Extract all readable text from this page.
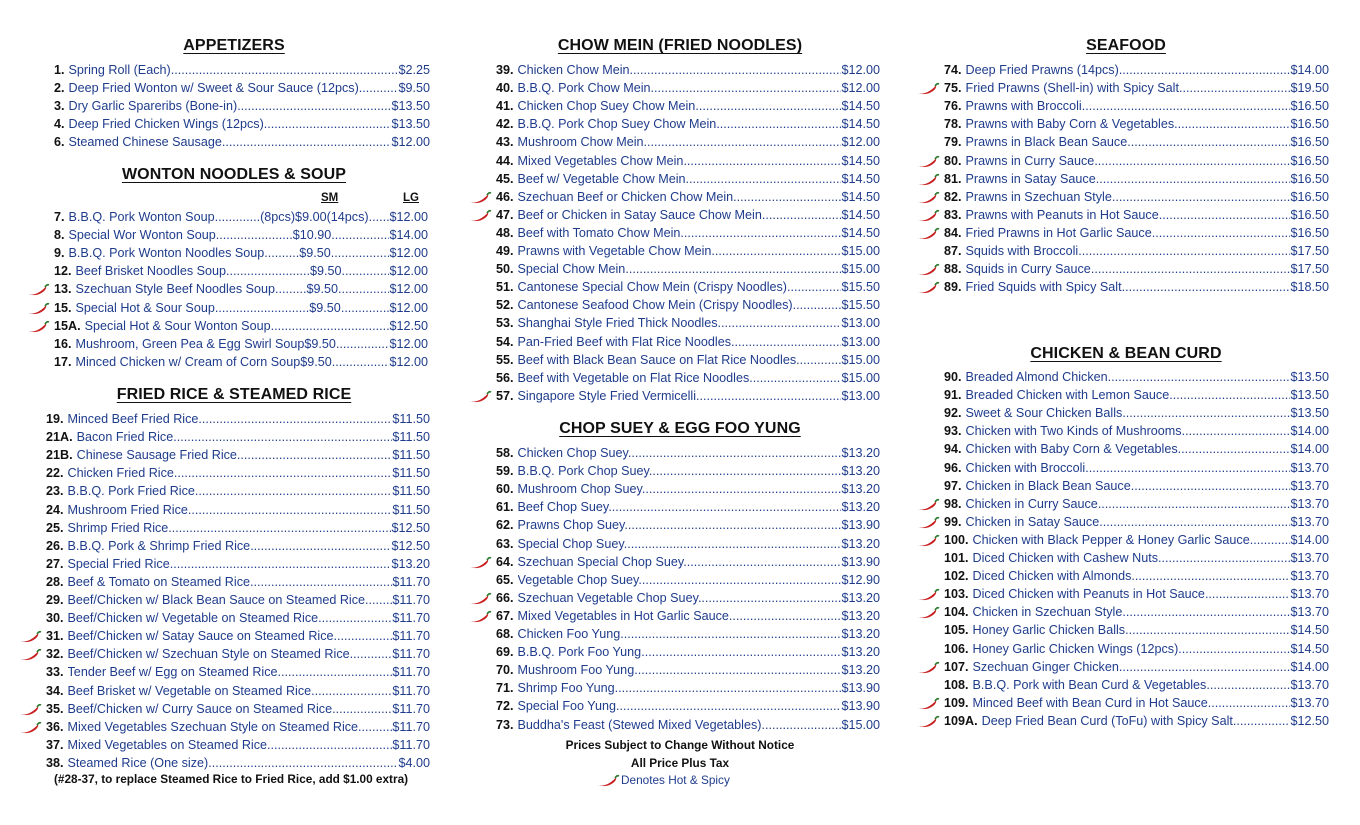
APPETIZERS
WONTON NOODLES & SOUP
SM	LG
FRIED RICE & STEAMED RICE
(#28-37, to replace Steamed Rice to Fried Rice, add $1.00 extra)
1. Spring Roll (Each) .....	$2.25
2. Deep Fried Wonton w/ Sweet & Sour Sauce (12pcs) .....	$9.50
3. Dry Garlic Spareribs (Bone-in) .....	$13.50
4. Deep Fried Chicken Wings (12pcs) .....	$13.50
6. Steamed Chinese Sausage .....	$12.00
7. B.B.Q. Pork Wonton Soup.............(8pcs)$9.00(14pcs) .....	$12.00
8. Special Wor Wonton Soup......................$10.90............ .....	$14.00
9. B.B.Q. Pork Wonton Noodles Soup..........$9.50............ .....	$12.00
12. Beef Brisket Noodles Soup........................$9.50............ ..... $12.00
13. Szechuan Style Beef Noodles Soup.........$9.50............ ..... $12.00
15. Special Hot & Sour Soup...........................$9.50............ ..... $12.00
15A. Special Hot & Sour Wonton Soup .....	$12.50
16. Mushroom, Green Pea & Egg Swirl Soup$9.50........... .....	$12.00
17. Minced Chicken w/ Cream of Corn Soup$9.50........... .....	$12.00
19. Minced Beef Fried Rice .....	$11.50
21A. Bacon Fried Rice .....	$11.50
21B. Chinese Sausage Fried Rice .....	$11.50
22. Chicken Fried Rice .....	$11.50
23. B.B.Q. Pork Fried Rice .....	$11.50
24. Mushroom Fried Rice .....	$11.50
25. Shrimp Fried Rice .....	$12.50
26. B.B.Q. Pork & Shrimp Fried Rice .....	$12.50
27. Special Fried Rice .....	$13.20
28. Beef & Tomato on Steamed Rice .....	$11.70
29. Beef/Chicken w/ Black Bean Sauce on Steamed Rice. .....	$11.70
30. Beef/Chicken w/ Vegetable on Steamed Rice .....	$11.70
31. Beef/Chicken w/ Satay Sauce on Steamed Rice .....	$11.70
32. Beef/Chicken w/ Szechuan Style on Steamed Rice .....	$11.70
33. Tender Beef w/ Egg on Steamed Rice .....	$11.70
34. Beef Brisket w/ Vegetable on Steamed Rice .....	$11.70
35. Beef/Chicken w/ Curry Sauce on Steamed Rice .....	$11.70
36. Mixed Vegetables Szechuan Style on Steamed Rice .....	$11.70
37. Mixed Vegetables on Steamed Rice .....	$11.70
38. Steamed Rice (One size) .....	$4.00
CHOW MEIN (FRIED NOODLES)
CHOP SUEY & EGG FOO YUNG
Prices Subject to Change Without Notice
All Price Plus Tax
Denotes Hot & Spicy
39. Chicken Chow Mein .....	$12.00
40. B.B.Q. Pork Chow Mein .....	$12.00
41. Chicken Chop Suey Chow Mein .....	$14.50
42. B.B.Q. Pork Chop Suey Chow Mein .....	$14.50
43. Mushroom Chow Mein .....	$12.00
44. Mixed Vegetables Chow Mein .....	$14.50
45. Beef w/ Vegetable Chow Mein .....	$14.50
46. Szechuan Beef or Chicken Chow Mein .....	$14.50
47. Beef or Chicken in Satay Sauce Chow Mein .....	$14.50
48. Beef with Tomato Chow Mein .....	$14.50
49. Prawns with Vegetable Chow Mein .....	$15.00
50. Special Chow Mein .....	$15.00
51. Cantonese Special Chow Mein (Crispy Noodles) .....	$15.50
52. Cantonese Seafood Chow Mein (Crispy Noodles) .....	$15.50
53. Shanghai Style Fried Thick Noodles .....	$13.00
54. Pan-Fried Beef with Flat Rice Noodles .....	$13.00
55. Beef with Black Bean Sauce on Flat Rice Noodles .....	$15.00
56. Beef with Vegetable on Flat Rice Noodles .....	$15.00
57. Singapore Style Fried Vermicelli .....	$13.00
58. Chicken Chop Suey .....	$13.20
59. B.B.Q. Pork Chop Suey .....	$13.20
60. Mushroom Chop Suey .....	$13.20
61. Beef Chop Suey .....	$13.20
62. Prawns Chop Suey .....	$13.90
63. Special Chop Suey .....	$13.20
64. Szechuan Special Chop Suey .....	$13.90
65. Vegetable Chop Suey .....	$12.90
66. Szechuan Vegetable Chop Suey .....	$13.20
67. Mixed Vegetables in Hot Garlic Sauce .....	$13.20
68. Chicken Foo Yung .....	$13.20
69. B.B.Q. Pork Foo Yung .....	$13.20
70. Mushroom Foo Yung .....	$13.20
71. Shrimp Foo Yung .....	$13.90
72. Special Foo Yung .....	$13.90
73. Buddha's Feast (Stewed Mixed Vegetables) .....	$15.00
SEAFOOD
CHICKEN & BEAN CURD
74. Deep Fried Prawns (14pcs) .....	$14.00
75. Fried Prawns (Shell-in) with Spicy Salt .....	$19.50
76. Prawns with Broccoli .....	$16.50
78. Prawns with Baby Corn & Vegetables .....	$16.50
79. Prawns in Black Bean Sauce .....	$16.50
80. Prawns in Curry Sauce .....	$16.50
81. Prawns in Satay Sauce .....	$16.50
82. Prawns in Szechuan Style .....	$16.50
83. Prawns with Peanuts in Hot Sauce .....	$16.50
84. Fried Prawns in Hot Garlic Sauce .....	$16.50
87. Squids with Broccoli .....	$17.50
88. Squids in Curry Sauce .....	$17.50
89. Fried Squids with Spicy Salt .....	$18.50
90. Breaded Almond Chicken .....	$13.50
91. Breaded Chicken with Lemon Sauce .....	$13.50
92. Sweet & Sour Chicken Balls .....	$13.50
93. Chicken with Two Kinds of Mushrooms .....	$14.00
94. Chicken with Baby Corn & Vegetables .....	$14.00
96. Chicken with Broccoli .....	$13.70
97. Chicken in Black Bean Sauce .....	$13.70
98. Chicken in Curry Sauce .....	$13.70
99. Chicken in Satay Sauce .....	$13.70
100. Chicken with Black Pepper & Honey Garlic Sauce .....	$14.00
101. Diced Chicken with Cashew Nuts .....	$13.70
102. Diced Chicken with Almonds .....	$13.70
103. Diced Chicken with Peanuts in Hot Sauce .....	$13.70
104. Chicken in Szechuan Style .....	$13.70
105. Honey Garlic Chicken Balls .....	$14.50
106. Honey Garlic Chicken Wings (12pcs) .....	$14.50
107. Szechuan Ginger Chicken .....	$14.00
108. B.B.Q. Pork with Bean Curd & Vegetables .....	$13.70
109. Minced Beef with Bean Curd in Hot Sauce .....	$13.70
109A. Deep Fried Bean Curd (ToFu) with Spicy Salt .....	$12.50
